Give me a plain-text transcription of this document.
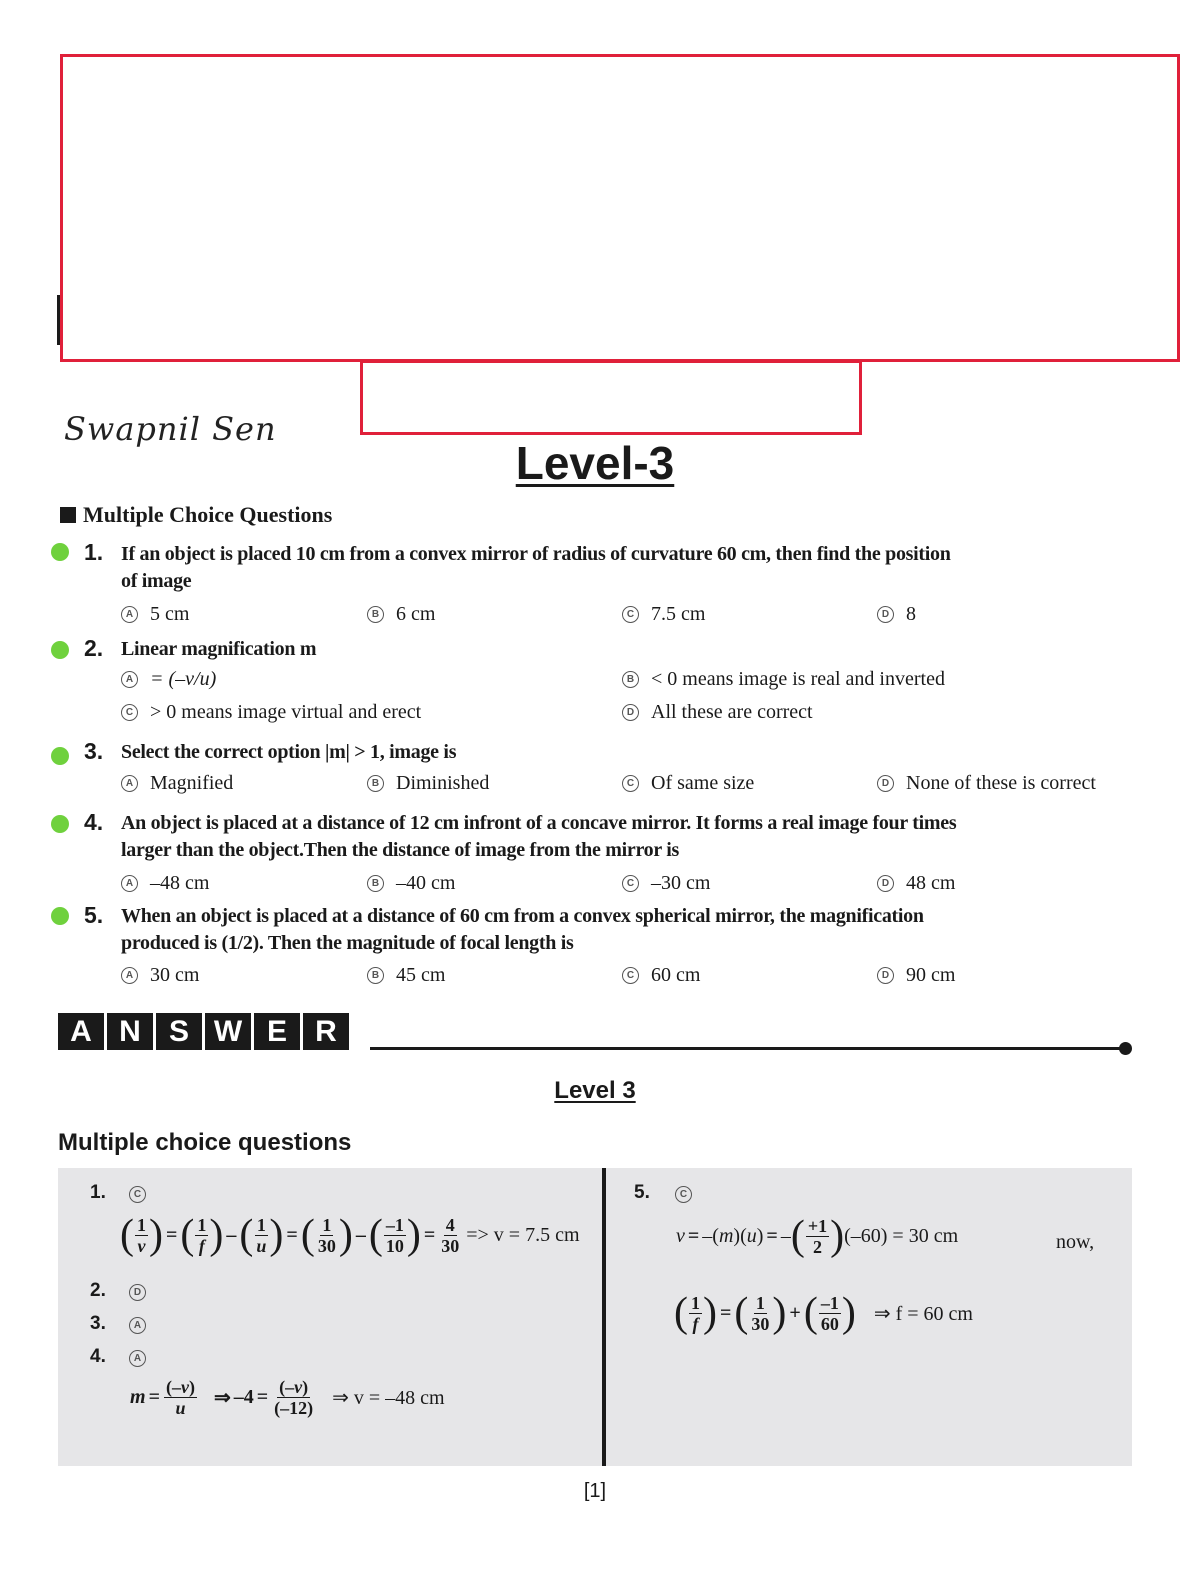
Swapnil Sen
Level-3
Multiple Choice Questions
1. If an object is placed 10 cm from a convex mirror of radius of curvature 60 cm, then find the position
of image
A 5 cm	B 6 cm	C 7.5 cm	D 8
2. Linear magnification m
A = (–v/u)	B < 0 means image is real and inverted
C > 0 means image virtual and erect	D All these are correct
3. Select the correct option |m| > 1, image is
A Magnified	B Diminished	C Of same size	D None of these is correct
4. An object is placed at a distance of 12 cm infront of a concave mirror. It forms a real image four times
larger than the object.Then the distance of image from the mirror is
A –48 cm	B –40 cm	C –30 cm	D 48 cm
5. When an object is placed at a distance of 60 cm from a convex spherical mirror, the magnification
produced is (1/2). Then the magnitude of focal length is
A 30 cm	B 45 cm	C 60 cm	D 90 cm
A N S W E R
Level 3
Multiple choice questions
1.	C
( $\frac{1}{v}$ ) = ( $\frac{1}{f}$ ) – ( $\frac{1}{u}$ ) = ( $\frac{1}{30}$ ) – ( $\frac{-1}{10}$ ) = $\frac{4}{30} => v = 7.5$ cm
2.	D
3.	A
4.	A
$m = \frac{(-v)}{u}$ ⇒ $-4 = \frac{(-v)}{(-12)}$ ⇒ v = –48 cm
5.	C
v = –(m)(u) = – ( $\frac{+1}{2}$ ) (–60) = 30 cm	now,
( $\frac{1}{f}$ ) = ( $\frac{1}{30}$ ) + ( $\frac{-1}{60}$ ) ⇒ f = 60 cm
[1]
